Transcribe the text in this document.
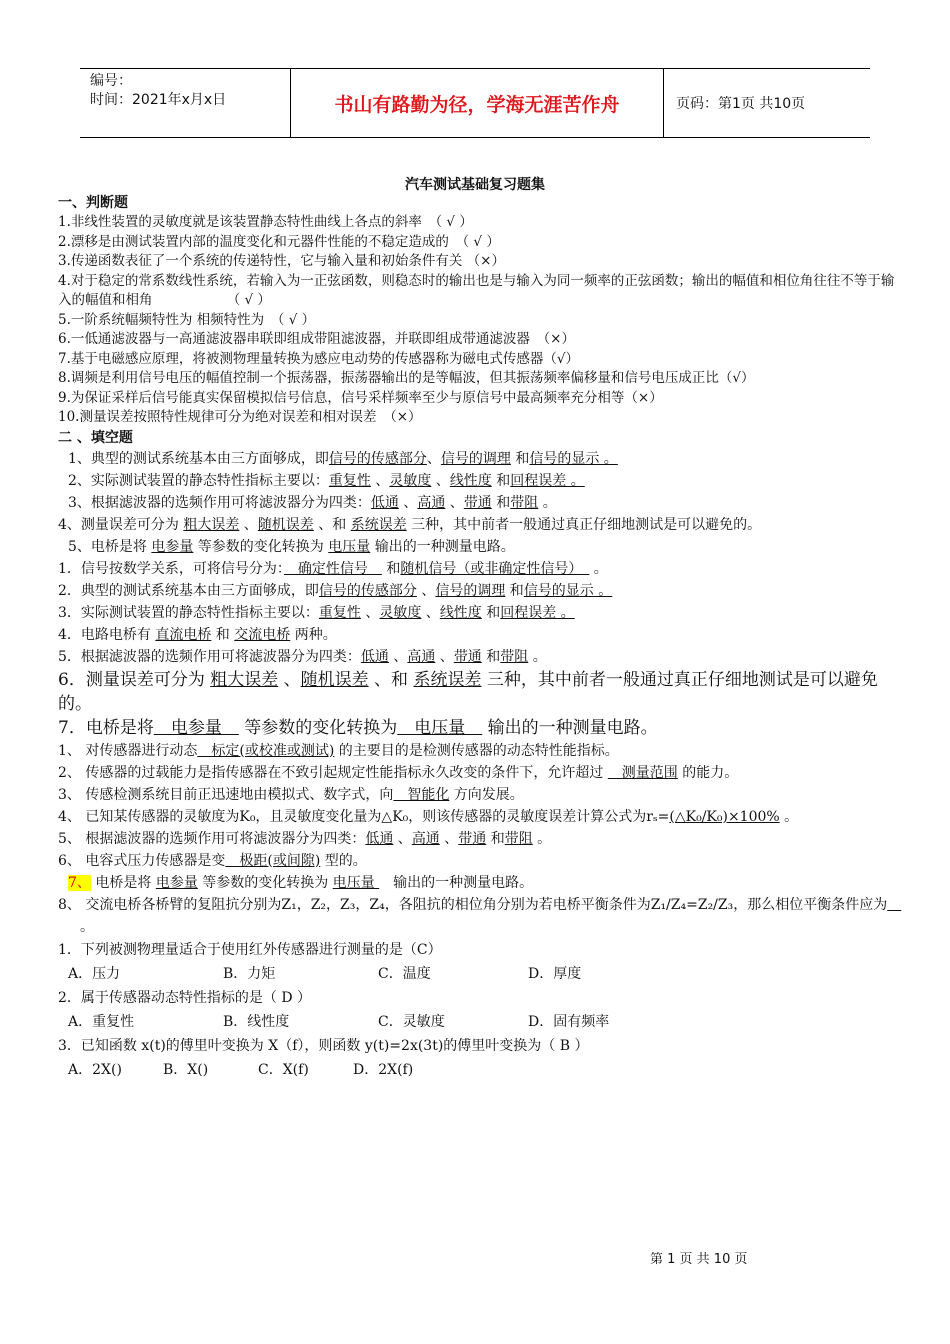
编号：
时间：2021年x月x日	书山有路勤为径，学海无涯苦作舟	页码：第1页 共10页
汽车测试基础复习题集
一、判断题
1.非线性装置的灵敏度就是该装置静态特性曲线上各点的斜率　（ √ ）
2.漂移是由测试装置内部的温度变化和元器件性能的不稳定造成的　（ √ ）
3.传递函数表征了一个系统的传递特性，它与输入量和初始条件有关 （×）
4.对于稳定的常系数线性系统，若输入为一正弦函数，则稳态时的输出也是与输入为同一频率的正弦函数；输出的幅值和相位角往往不等于输入的幅值和相角　　　　　　（ √ ）
5.一阶系统幅频特性为 相频特性为　（ √ ）
6.一低通滤波器与一高通滤波器串联即组成带阻滤波器，并联即组成带通滤波器　（×）
7.基于电磁感应原理，将被测物理量转换为感应电动势的传感器称为磁电式传感器（√）
8.调频是利用信号电压的幅值控制一个振荡器，振荡器输出的是等幅波，但其振荡频率偏移量和信号电压成正比（√）
9.为保证采样后信号能真实保留模拟信号信息，信号采样频率至少与原信号中最高频率充分相等（×）
10.测量误差按照特性规律可分为绝对误差和相对误差　（×）
二 、填空题
1、典型的测试系统基本由三方面够成，即信号的传感部分、信号的调理 和信号的显示 。
2、实际测试装置的静态特性指标主要以：重复性 、灵敏度 、线性度 和回程误差 。
3、根据滤波器的选频作用可将滤波器分为四类：低通 、高通 、带通 和带阻 。
4、测量误差可分为 粗大误差 、随机误差 、和 系统误差 三种，其中前者一般通过真正仔细地测试是可以避免的。
5、电桥是将 电参量 等参数的变化转换为 电压量 输出的一种测量电路。
1．信号按数学关系，可将信号分为：　确定性信号　 和随机信号（或非确定性信号）　 。
2．典型的测试系统基本由三方面够成，即信号的传感部分 、信号的调理 和信号的显示 。
3．实际测试装置的静态特性指标主要以：重复性 、灵敏度 、线性度 和回程误差 。
4．电路电桥有 直流电桥 和 交流电桥 两种。
5．根据滤波器的选频作用可将滤波器分为四类：低通 、高通 、带通 和带阻 。
6．测量误差可分为 粗大误差 、随机误差 、和 系统误差 三种，其中前者一般通过真正仔细地测试是可以避免的。
7．电桥是将　电参量　 等参数的变化转换为　电压量　 输出的一种测量电路。
1、 对传感器进行动态　标定(或校准或测试) 的主要目的是检测传感器的动态特性能指标。
2、 传感器的过载能力是指传感器在不致引起规定性能指标永久改变的条件下，允许超过 　测量范围 的能力。
3、 传感检测系统目前正迅速地由模拟式、数字式，向　智能化 方向发展。
4、 已知某传感器的灵敏度为K₀，且灵敏度变化量为△K₀，则该传感器的灵敏度误差计算公式为rₛ=(△K₀/K₀)×100% 。
5、 根据滤波器的选频作用可将滤波器分为四类：低通 、高通 、带通 和带阻 。
6、 电容式压力传感器是变　极距(或间隙) 型的。
7、 电桥是将 电参量 等参数的变化转换为 电压量 　输出的一种测量电路。
8、 交流电桥各桥臂的复阻抗分别为Z₁，Z₂，Z₃，Z₄，各阻抗的相位角分别为若电桥平衡条件为Z₁/Z₄=Z₂/Z₃，那么相位平衡条件应为　。
1．下列被测物理量适合于使用红外传感器进行测量的是（C）
A．压力	B．力矩	C．温度	D．厚度
2．属于传感器动态特性指标的是（ D ）
A．重复性	B．线性度	C．灵敏度	D．固有频率
3．已知函数 x(t)的傅里叶变换为 X（f），则函数 y(t)=2x(3t)的傅里叶变换为（ B ）
A．2X()	B．X()	C．X(f)	D．2X(f)
第 1 页 共 10 页
